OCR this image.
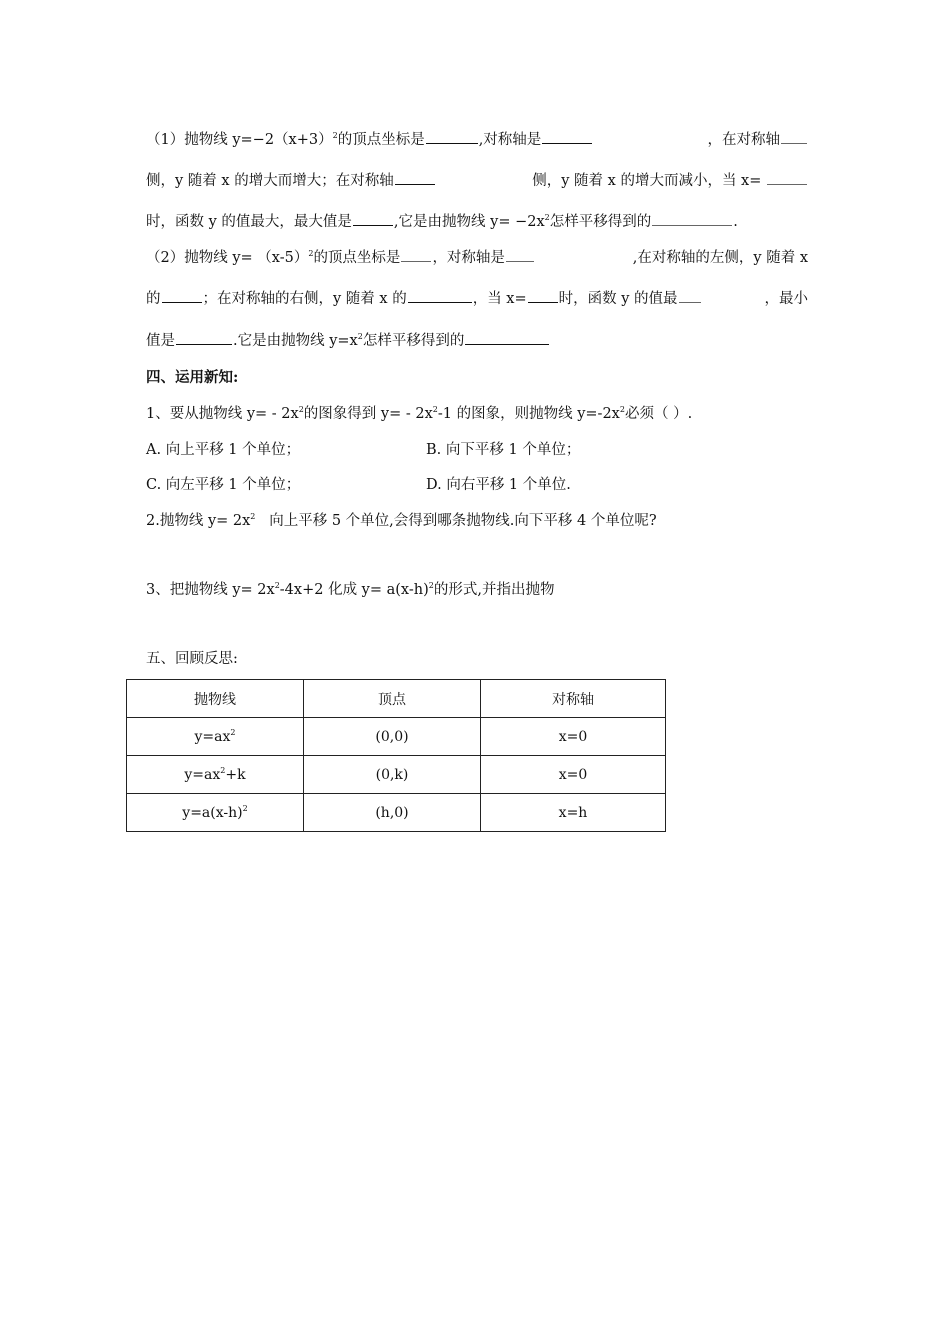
（1）抛物线 $y=-2(x+3)^2$的顶点坐标是	,对称轴是	，在对称轴
侧，y 随着 x 的增大而增大；在对称轴	侧，y 随着 x 的增大而减小，当 x=
时，函数 y 的值最大，最大值是	,它是由抛物线 $y= -2x^2$怎样平移得到的	.
（2）抛物线 $y= (x-5)^2$的顶点坐标是 ，对称轴是	,在对称轴的左侧，y 随着 x
的	；在对称轴的右侧，y 随着 x 的	，当 x= 时，函数 y 的值最	，最小
值是	.它是由抛物线 $y=x^2$怎样平移得到的
四、运用新知:
1、要从抛物线 $y= - 2x^2$的图象得到 $y= - 2x^2-1$ 的图象，则抛物线 $y=-2x^2$必须（ ）.
A. 向上平移 1 个单位；	B. 向下平移 1 个单位；
C. 向左平移 1 个单位；	D. 向右平移 1 个单位.
2.抛物线 $y= 2x^2$   向上平移 5 个单位,会得到哪条抛物线.向下平移 4 个单位呢?
3、把抛物线 $y= 2x^2-4x+2$ 化成 $y= a(x-h)^2$的形式,并指出抛物
五、回顾反思:
抛物线	顶点	对称轴
$y=ax^2$	(0,0)	x=0
$y=ax^2+k$	(0,k)	x=0
$y=a(x-h)^2$	(h,0)	x=h
